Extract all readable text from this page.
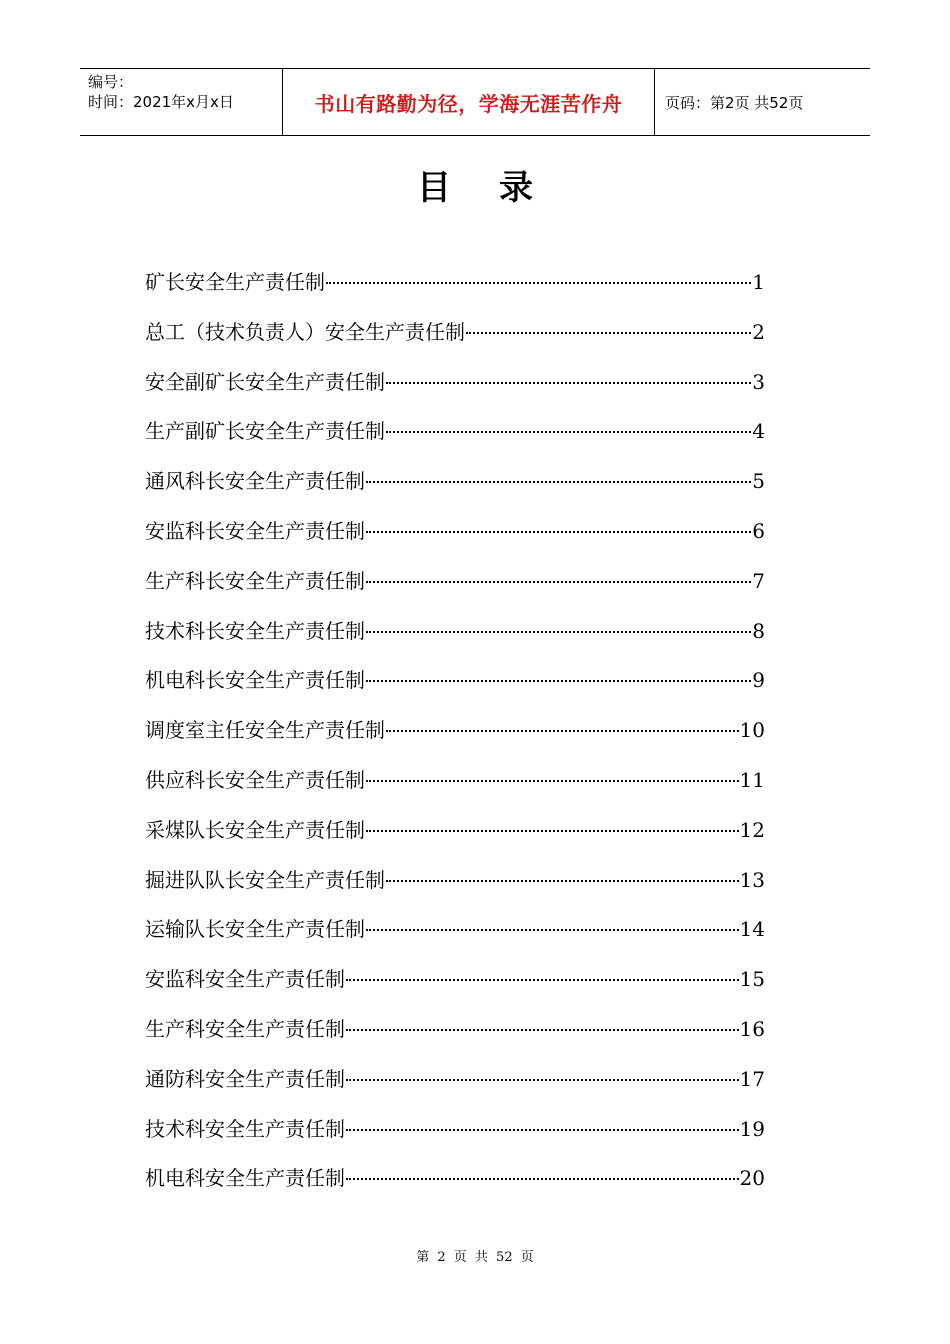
编号：
时间：2021年x月x日	书山有路勤为径，学海无涯苦作舟	页码：第2页 共52页
目录
矿长安全生产责任制	1
总工（技术负责人）安全生产责任制	2
安全副矿长安全生产责任制	3
生产副矿长安全生产责任制	4
通风科长安全生产责任制	5
安监科长安全生产责任制	6
生产科长安全生产责任制	7
技术科长安全生产责任制	8
机电科长安全生产责任制	9
调度室主任安全生产责任制	10
供应科长安全生产责任制	11
采煤队长安全生产责任制	12
掘进队队长安全生产责任制	13
运输队长安全生产责任制	14
安监科安全生产责任制	15
生产科安全生产责任制	16
通防科安全生产责任制	17
技术科安全生产责任制	19
机电科安全生产责任制	20
第 2 页 共 52 页
